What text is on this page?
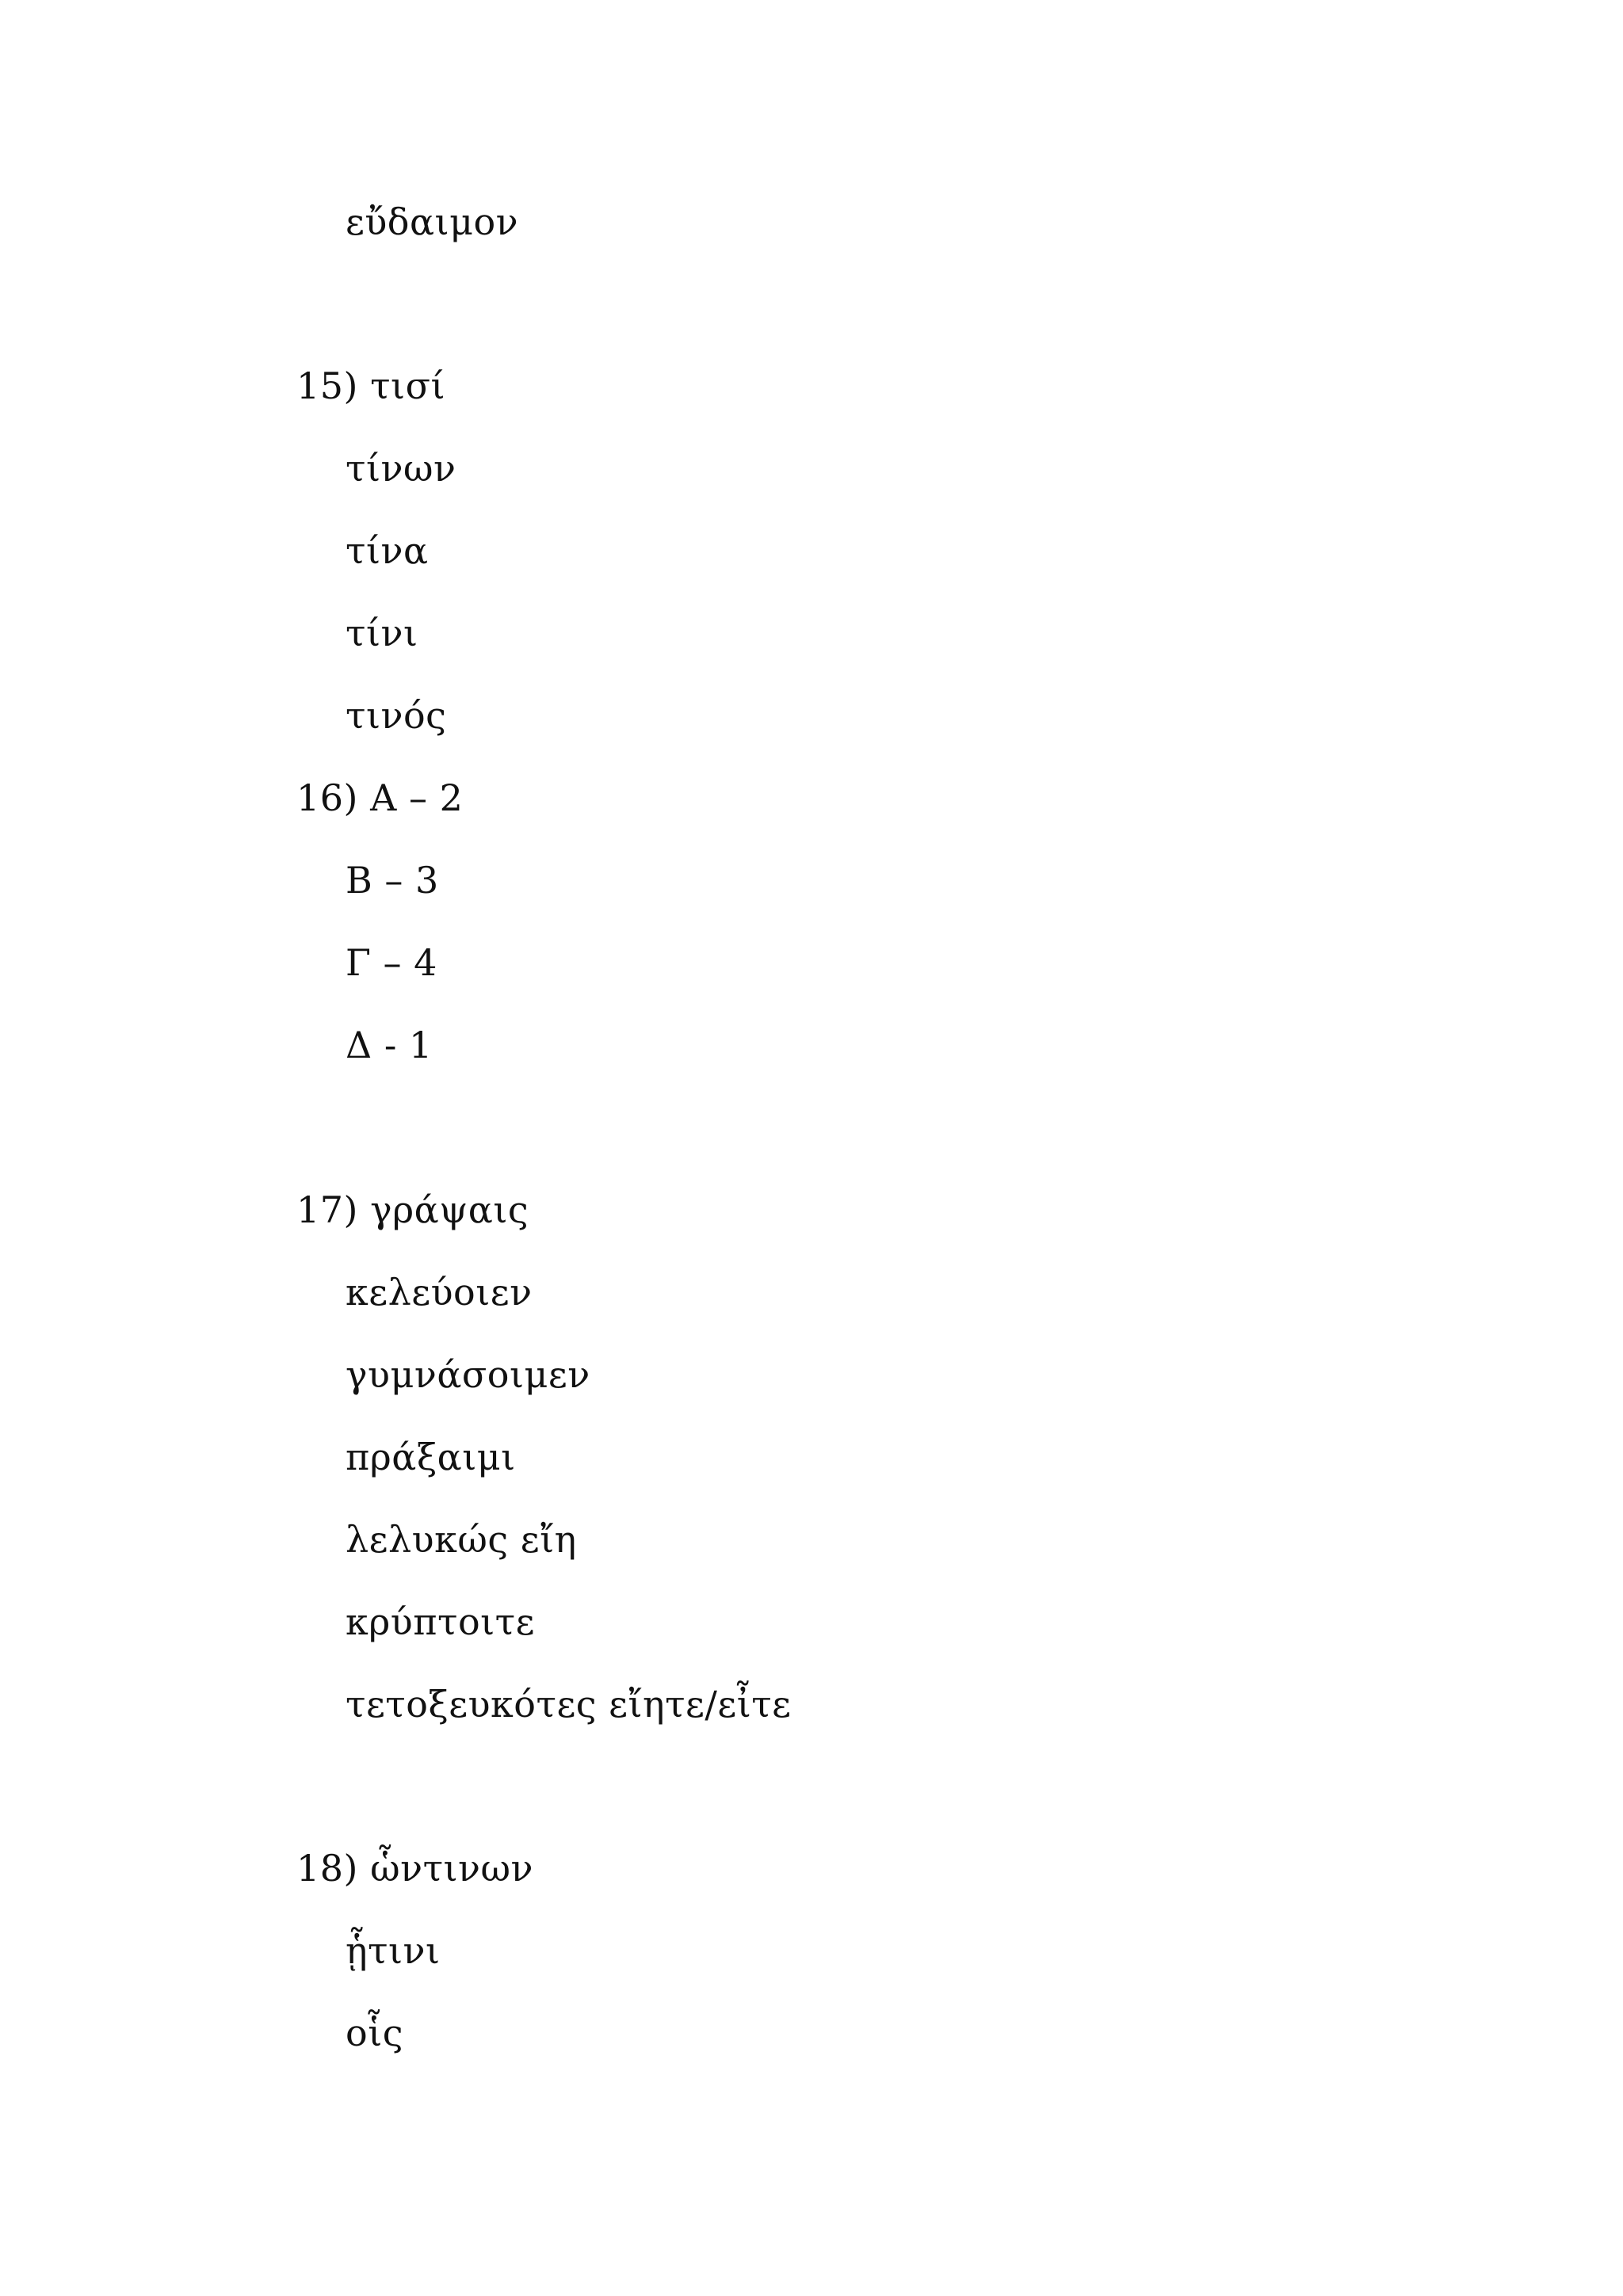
εὔδαιμον
15) τισί
τίνων
τίνα
τίνι
τινός
16) Α – 2
Β – 3
Γ – 4
Δ - 1
17) γράψαις
κελεύοιεν
γυμνάσοιμεν
πράξαιμι
λελυκώς εἴη
κρύπτοιτε
τετοξευκότες εἴητε/εἶτε
18) ὧντινων
ᾗτινι
οἷς
